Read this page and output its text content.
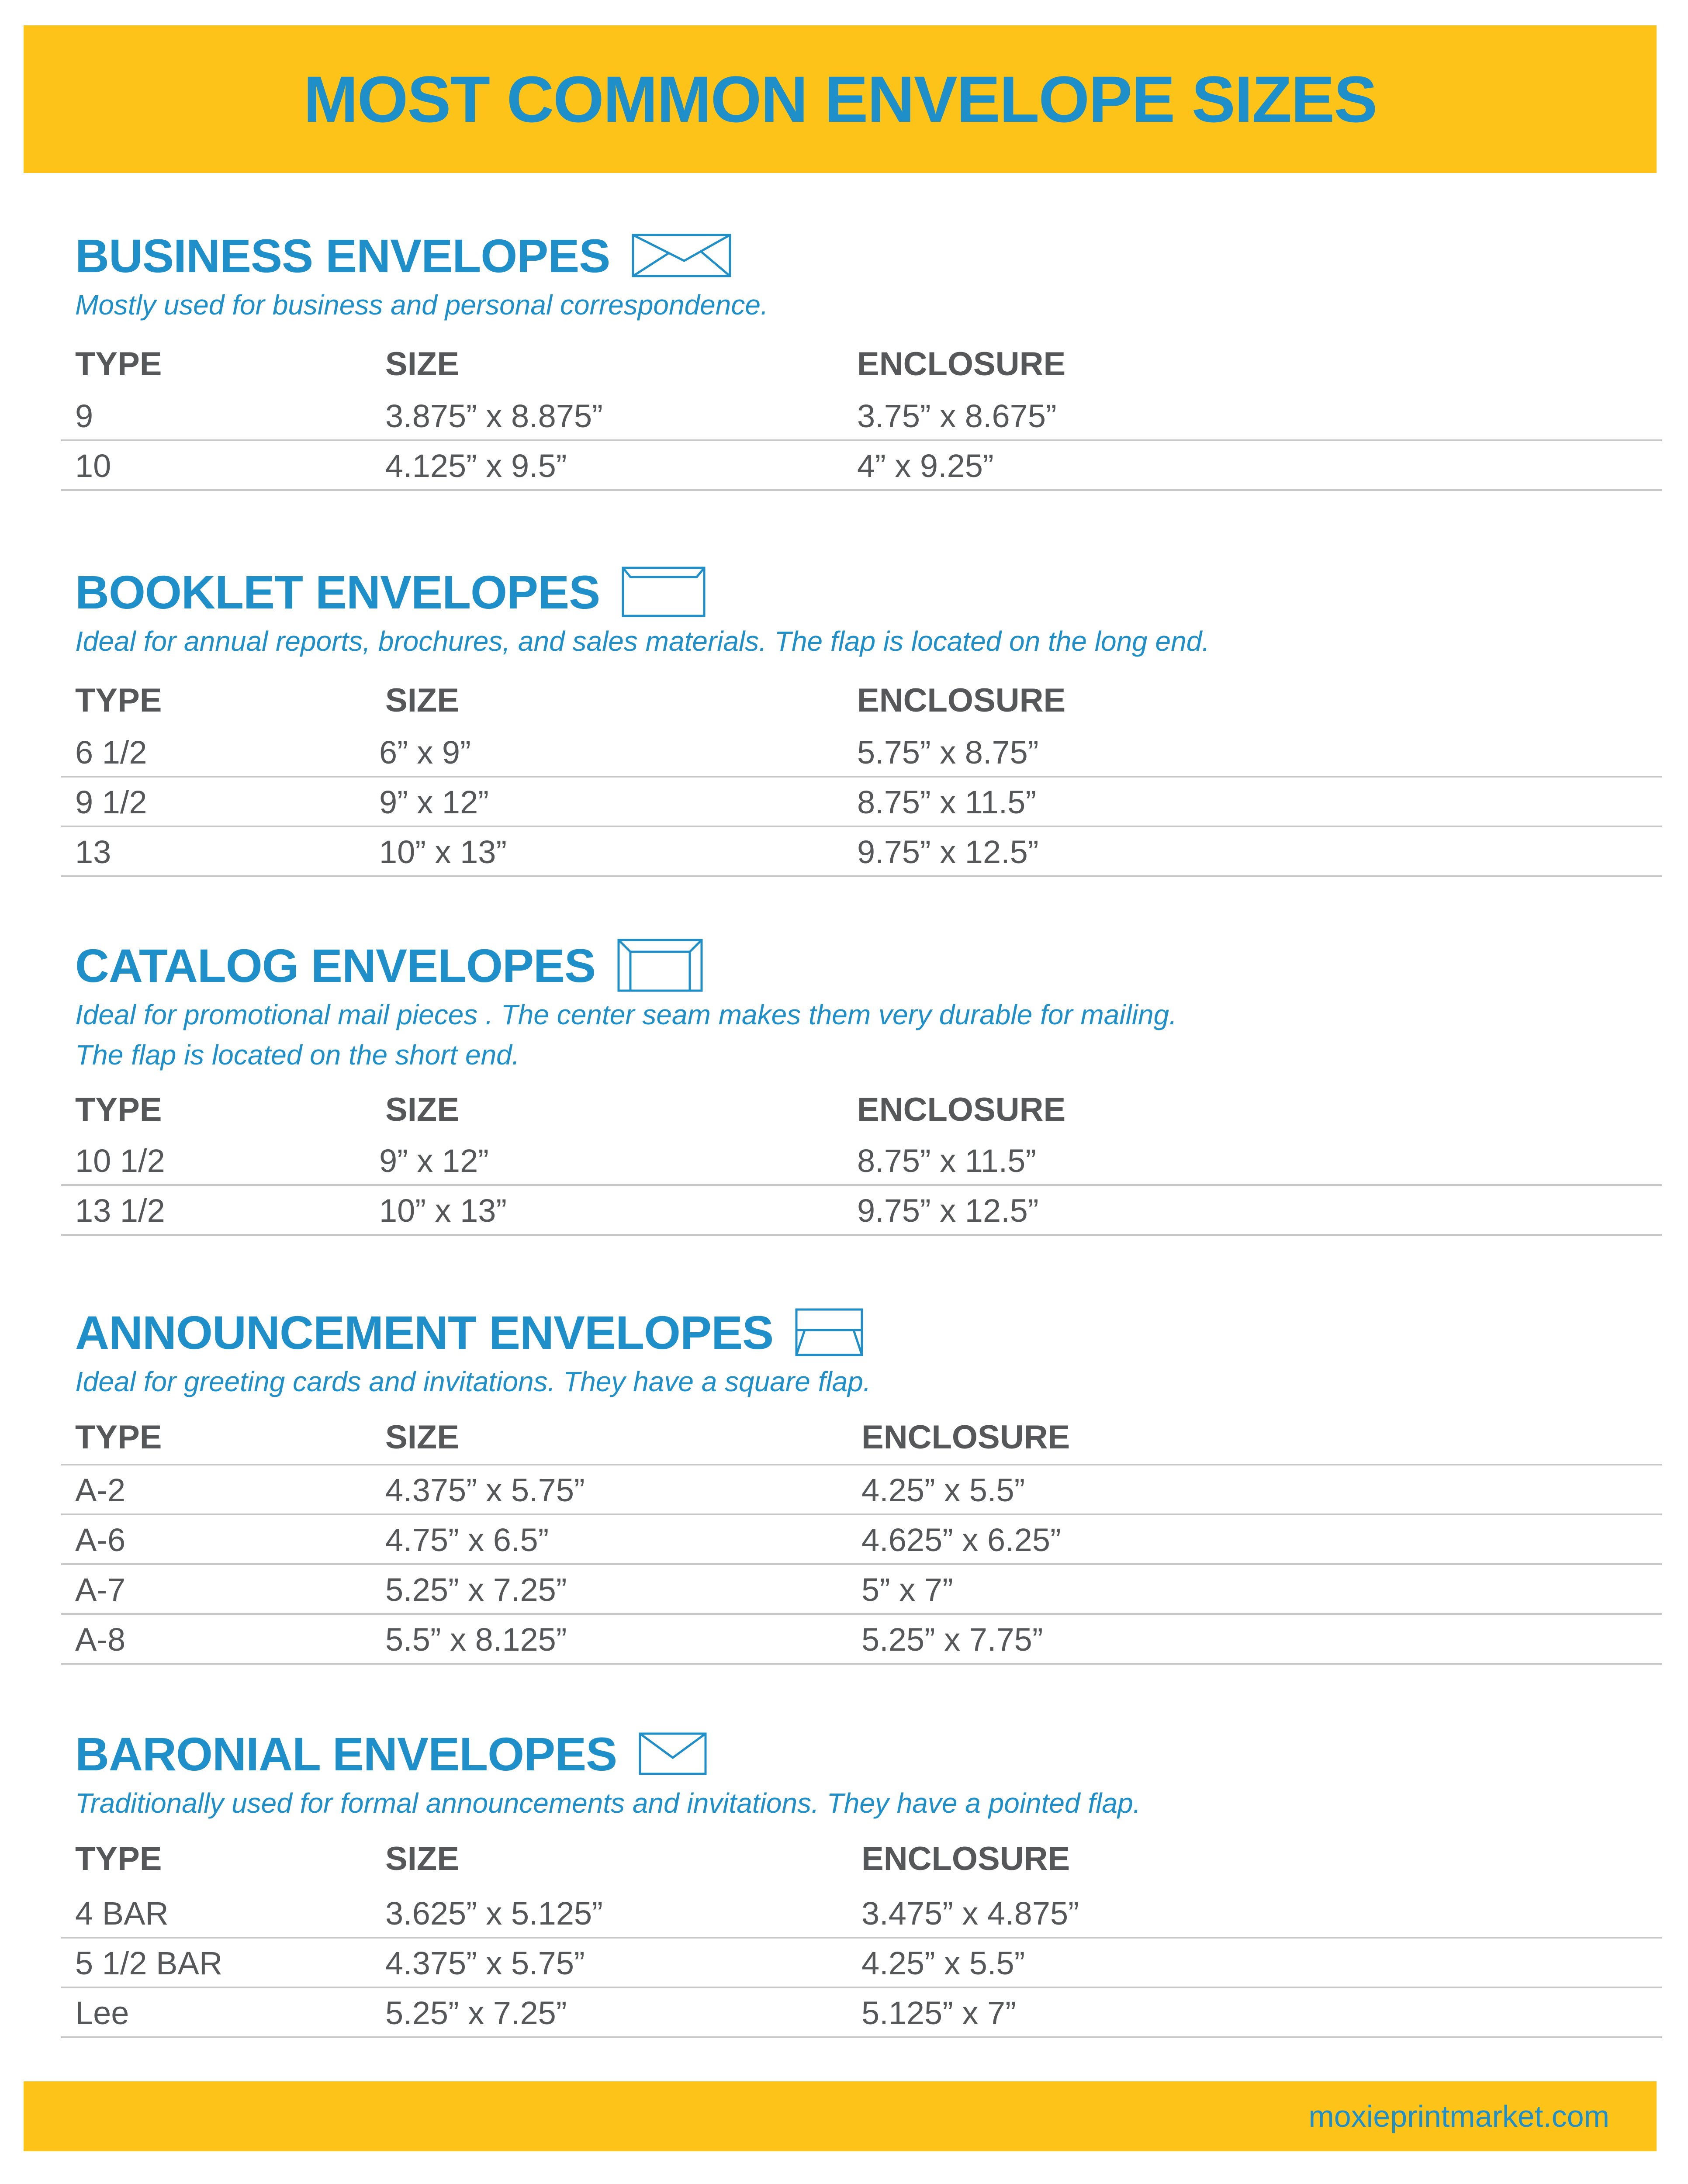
MOST COMMON ENVELOPE SIZES
BUSINESS ENVELOPES

Mostly used for business and personal correspondence.

TYPE	SIZE	ENCLOSURE
9	3.875” x 8.875”	3.75” x 8.675”
10	4.125” x 9.5”	4” x 9.25”
BOOKLET ENVELOPES

Ideal for annual reports, brochures, and sales materials. The flap is located on the long end.

TYPE	SIZE	ENCLOSURE
6 1/2	6” x 9”	5.75” x 8.75”
9 1/2	9” x 12”	8.75” x 11.5”
13	10” x 13”	9.75” x 12.5”
CATALOG ENVELOPES

Ideal for promotional mail pieces . The center seam makes them very durable for mailing.

The flap is located on the short end.

TYPE	SIZE	ENCLOSURE
10 1/2	9” x 12”	8.75” x 11.5”
13 1/2	10” x 13”	9.75” x 12.5”
ANNOUNCEMENT ENVELOPES

Ideal for greeting cards and invitations. They have a square flap.

TYPE	SIZE	ENCLOSURE
A-2	4.375” x 5.75”	4.25” x 5.5”
A-6	4.75” x 6.5”	4.625” x 6.25”
A-7	5.25” x 7.25”	5” x 7”
A-8	5.5” x 8.125”	5.25” x 7.75”
BARONIAL ENVELOPES

Traditionally used for formal announcements and invitations. They have a pointed flap.

TYPE	SIZE	ENCLOSURE
4 BAR	3.625” x 5.125”	3.475” x 4.875”
5 1/2 BAR	4.375” x 5.75”	4.25” x 5.5”
Lee	5.25” x 7.25”	5.125” x 7”
moxieprintmarket.com
